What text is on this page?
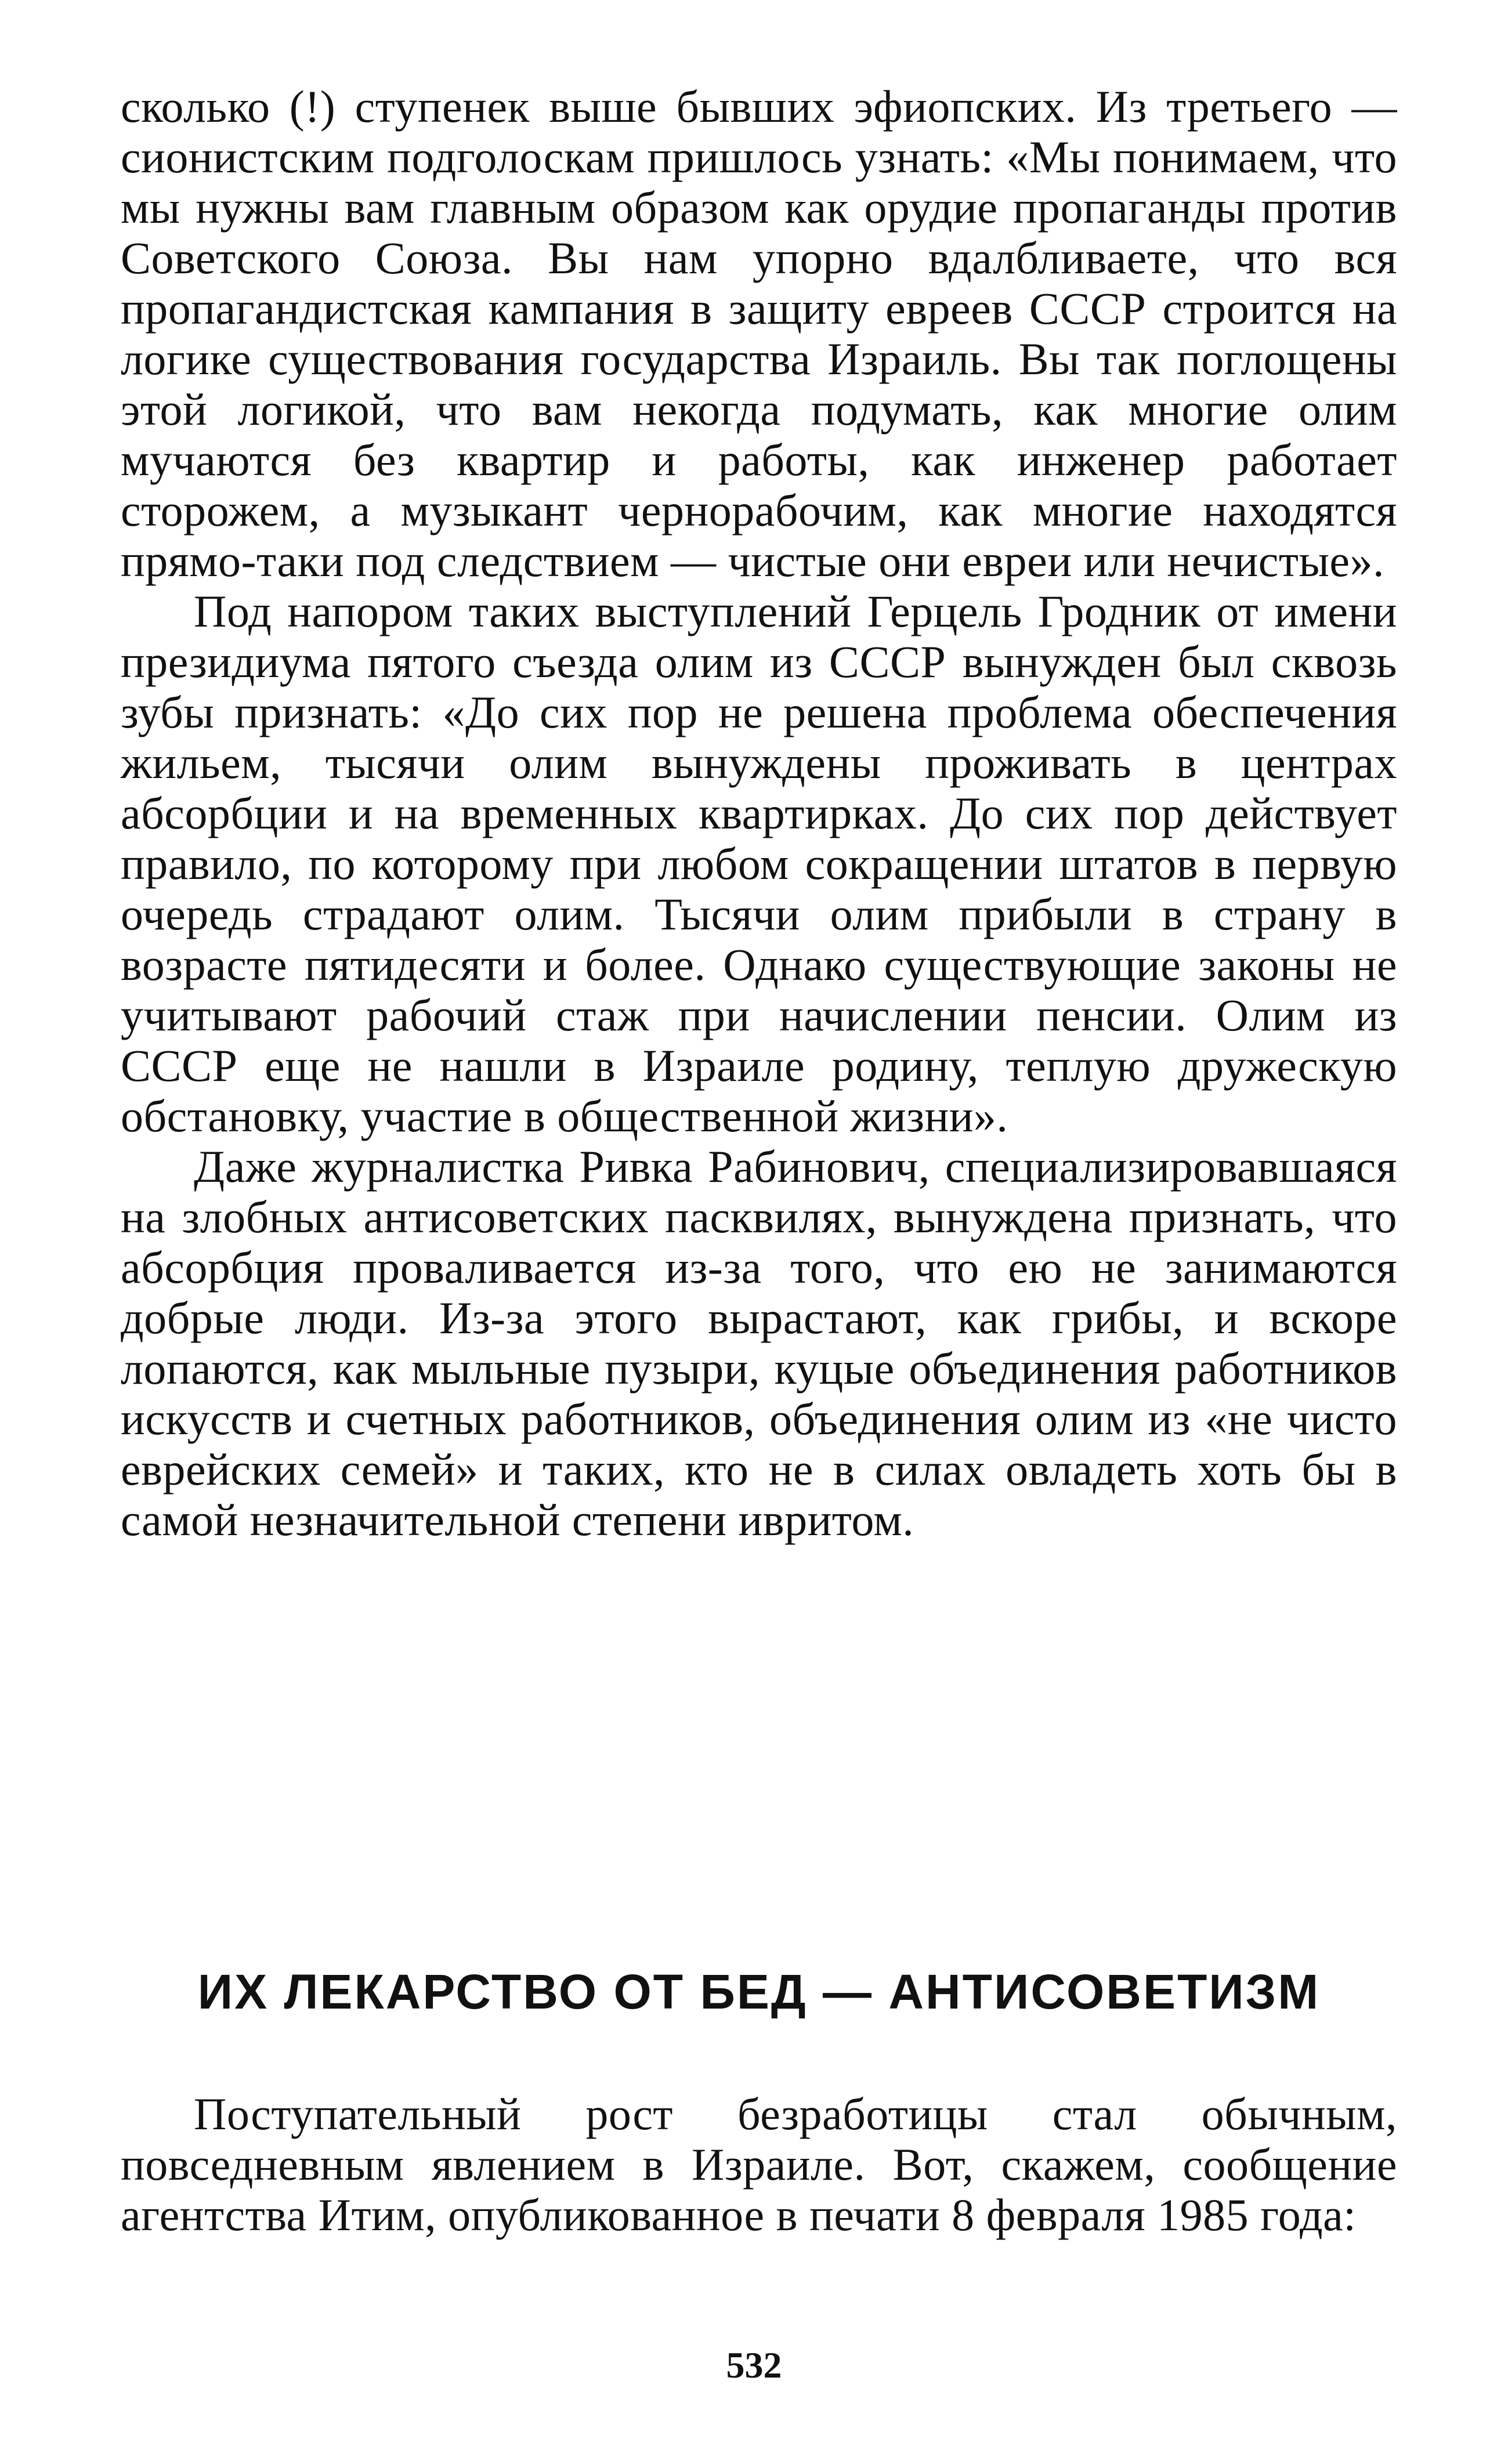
сколько (!) ступенек выше бывших эфиопских. Из третьего — сионистским подголоскам пришлось узнать: «Мы понимаем, что мы нужны вам главным образом как орудие пропаганды против Советского Союза. Вы нам упорно вдалбливаете, что вся пропагандистская кампания в защиту евреев СССР строится на логике существования государства Израиль. Вы так поглощены этой логикой, что вам некогда подумать, как многие олим мучаются без квартир и работы, как инженер работает сторожем, а музыкант чернорабочим, как многие находятся прямо-таки под следствием — чистые они евреи или нечистые».

Под напором таких выступлений Герцель Гродник от имени президиума пятого съезда олим из СССР вынужден был сквозь зубы признать: «До сих пор не решена проблема обеспечения жильем, тысячи олим вынуждены проживать в центрах абсорбции и на временных квартирках. До сих пор действует правило, по которому при любом сокращении штатов в первую очередь страдают олим. Тысячи олим прибыли в страну в возрасте пятидесяти и более. Однако существующие законы не учитывают рабочий стаж при начислении пенсии. Олим из СССР еще не нашли в Израиле родину, теплую дружескую обстановку, участие в общественной жизни».

Даже журналистка Ривка Рабинович, специализировавшаяся на злобных антисоветских пасквилях, вынуждена признать, что абсорбция проваливается из-за того, что ею не занимаются добрые люди. Из-за этого вырастают, как грибы, и вскоре лопаются, как мыльные пузыри, куцые объединения работников искусств и счетных работников, объединения олим из «не чисто еврейских семей» и таких, кто не в силах овладеть хоть бы в самой незначительной степени ивритом.

ИХ ЛЕКАРСТВО ОТ БЕД — АНТИСОВЕТИЗМ

Поступательный рост безработицы стал обычным, повседневным явлением в Израиле. Вот, скажем, сообщение агентства Итим, опубликованное в печати 8 февраля 1985 года:

532
